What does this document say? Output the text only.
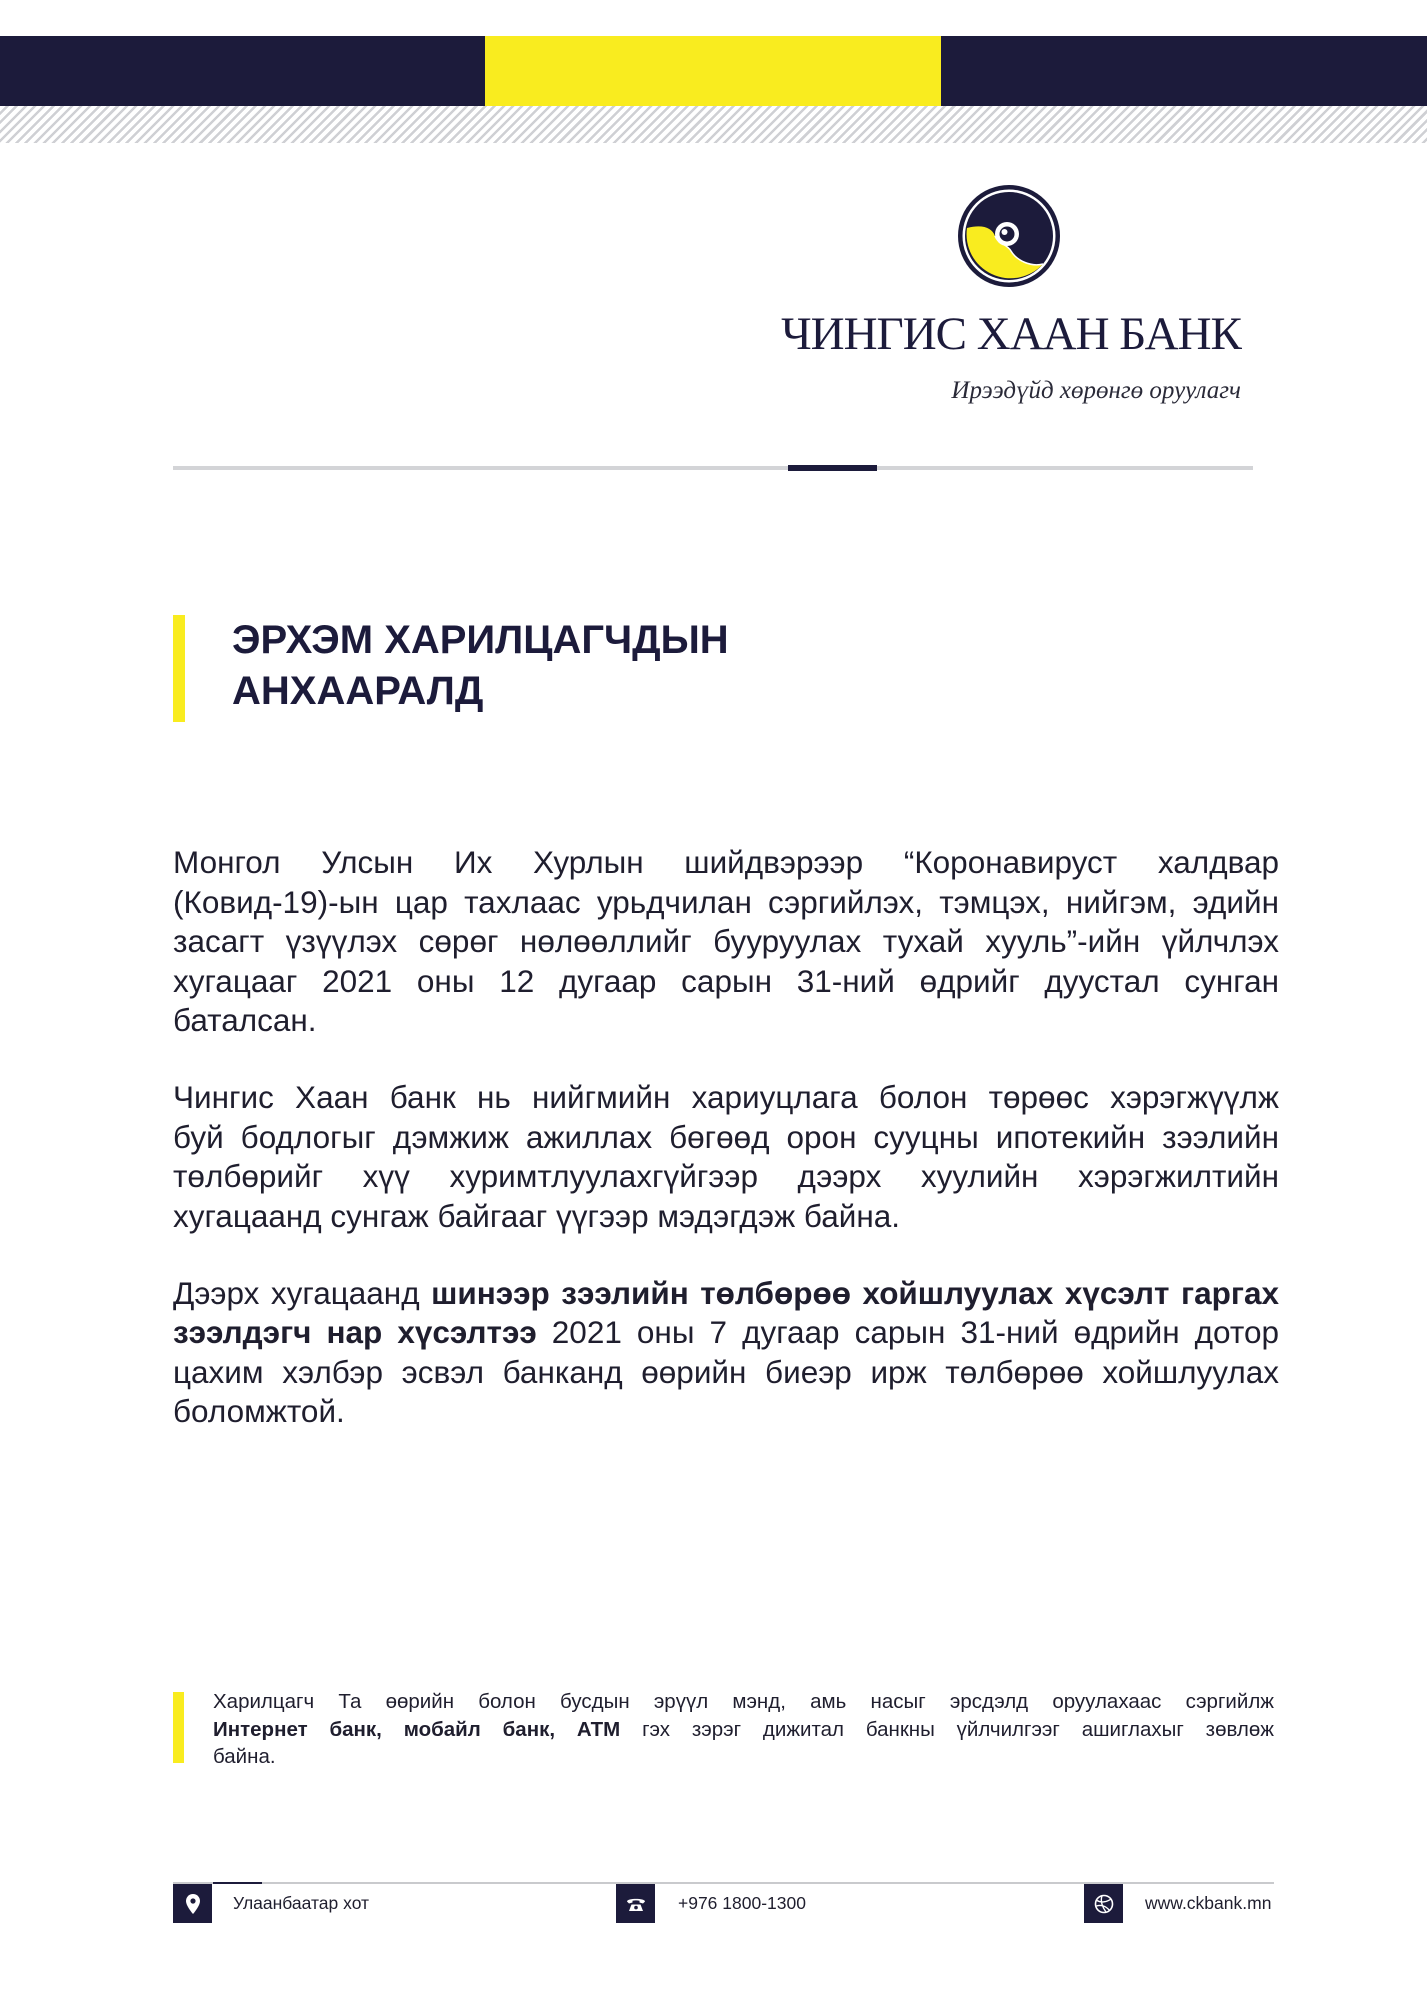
ЧИНГИС ХААН БАНК
Ирээдүйд хөрөнгө оруулагч
ЭРХЭМ ХАРИЛЦАГЧДЫН
АНХААРАЛД
Монгол Улсын Их Хурлын шийдвэрээр “Коронавируст халдвар
(Ковид-19)-ын цар тахлаас урьдчилан сэргийлэх, тэмцэх, нийгэм, эдийн
засагт үзүүлэх сөрөг нөлөөллийг бууруулах тухай хууль”-ийн үйлчлэх
хугацааг 2021 оны 12 дугаар сарын 31-ний өдрийг дуустал сунган
баталсан.
Чингис Хаан банк нь нийгмийн хариуцлага болон төрөөс хэрэгжүүлж
буй бодлогыг дэмжиж ажиллах бөгөөд орон сууцны ипотекийн зээлийн
төлбөрийг хүү хуримтлуулахгүйгээр дээрх хуулийн хэрэгжилтийн
хугацаанд сунгаж байгааг үүгээр мэдэгдэж байна.
Дээрх хугацаанд шинээр зээлийн төлбөрөө хойшлуулах хүсэлт гаргах
зээлдэгч нар хүсэлтээ 2021 оны 7 дугаар сарын 31-ний өдрийн дотор
цахим хэлбэр эсвэл банканд өөрийн биеэр ирж төлбөрөө хойшлуулах
боломжтой.
Харилцагч Та өөрийн болон бусдын эрүүл мэнд, амь насыг эрсдэлд оруулахаас сэргийлж
Интернет банк, мобайл банк, АТМ гэх зэрэг дижитал банкны үйлчилгээг ашиглахыг зөвлөж
байна.
Улаанбаатар хот	+976 1800-1300	www.ckbank.mn
